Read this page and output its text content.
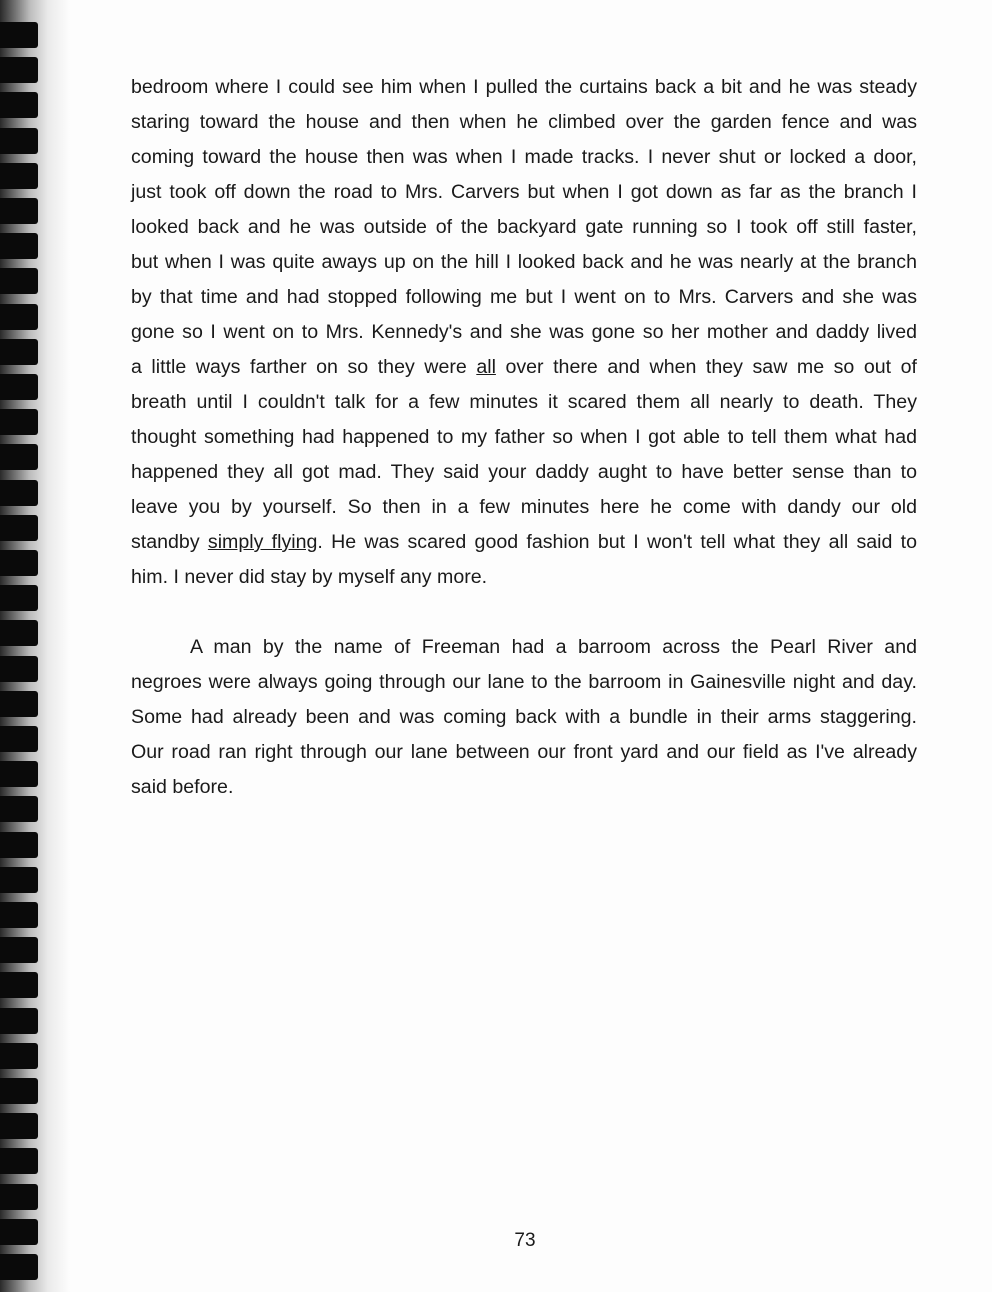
bedroom where I could see him when I pulled the curtains back a bit and he was steady
staring toward the house and then when he climbed over the garden fence and was
coming toward the house then was when I made tracks. I never shut or locked a door,
just took off down the road to Mrs. Carvers but when I got down as far as the branch I
looked back and he was outside of the backyard gate running so I took off still faster,
but when I was quite aways up on the hill I looked back and he was nearly at the branch
by that time and had stopped following me but I went on to Mrs. Carvers and she was
gone so I went on to Mrs. Kennedy's and she was gone so her mother and daddy lived
a little ways farther on so they were all over there and when they saw me so out of
breath until I couldn't talk for a few minutes it scared them all nearly to death. They
thought something had happened to my father so when I got able to tell them what had
happened they all got mad. They said your daddy aught to have better sense than to
leave you by yourself. So then in a few minutes here he come with dandy our old
standby simply flying. He was scared good fashion but I won't tell what they all said to
him. I never did stay by myself any more.
A man by the name of Freeman had a barroom across the Pearl River and
negroes were always going through our lane to the barroom in Gainesville night and day.
Some had already been and was coming back with a bundle in their arms staggering.
Our road ran right through our lane between our front yard and our field as I've already
said before.
73
